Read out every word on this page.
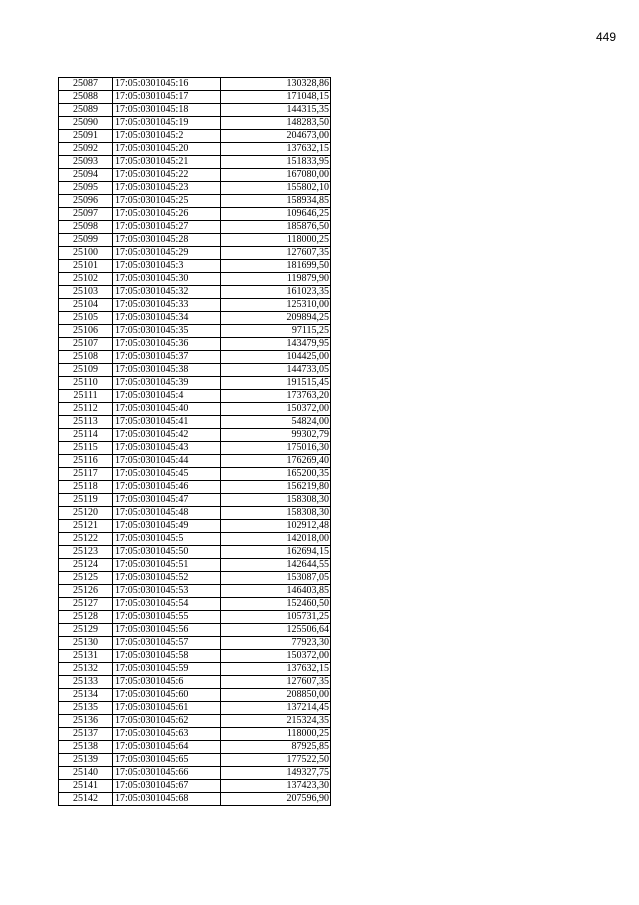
449
25087	17:05:0301045:16	130328,86
25088	17:05:0301045:17	171048,15
25089	17:05:0301045:18	144315,35
25090	17:05:0301045:19	148283,50
25091	17:05:0301045:2	204673,00
25092	17:05:0301045:20	137632,15
25093	17:05:0301045:21	151833,95
25094	17:05:0301045:22	167080,00
25095	17:05:0301045:23	155802,10
25096	17:05:0301045:25	158934,85
25097	17:05:0301045:26	109646,25
25098	17:05:0301045:27	185876,50
25099	17:05:0301045:28	118000,25
25100	17:05:0301045:29	127607,35
25101	17:05:0301045:3	181699,50
25102	17:05:0301045:30	119879,90
25103	17:05:0301045:32	161023,35
25104	17:05:0301045:33	125310,00
25105	17:05:0301045:34	209894,25
25106	17:05:0301045:35	97115,25
25107	17:05:0301045:36	143479,95
25108	17:05:0301045:37	104425,00
25109	17:05:0301045:38	144733,05
25110	17:05:0301045:39	191515,45
25111	17:05:0301045:4	173763,20
25112	17:05:0301045:40	150372,00
25113	17:05:0301045:41	54824,00
25114	17:05:0301045:42	99302,79
25115	17:05:0301045:43	175016,30
25116	17:05:0301045:44	176269,40
25117	17:05:0301045:45	165200,35
25118	17:05:0301045:46	156219,80
25119	17:05:0301045:47	158308,30
25120	17:05:0301045:48	158308,30
25121	17:05:0301045:49	102912,48
25122	17:05:0301045:5	142018,00
25123	17:05:0301045:50	162694,15
25124	17:05:0301045:51	142644,55
25125	17:05:0301045:52	153087,05
25126	17:05:0301045:53	146403,85
25127	17:05:0301045:54	152460,50
25128	17:05:0301045:55	105731,25
25129	17:05:0301045:56	125506,64
25130	17:05:0301045:57	77923,30
25131	17:05:0301045:58	150372,00
25132	17:05:0301045:59	137632,15
25133	17:05:0301045:6	127607,35
25134	17:05:0301045:60	208850,00
25135	17:05:0301045:61	137214,45
25136	17:05:0301045:62	215324,35
25137	17:05:0301045:63	118000,25
25138	17:05:0301045:64	87925,85
25139	17:05:0301045:65	177522,50
25140	17:05:0301045:66	149327,75
25141	17:05:0301045:67	137423,30
25142	17:05:0301045:68	207596,90
